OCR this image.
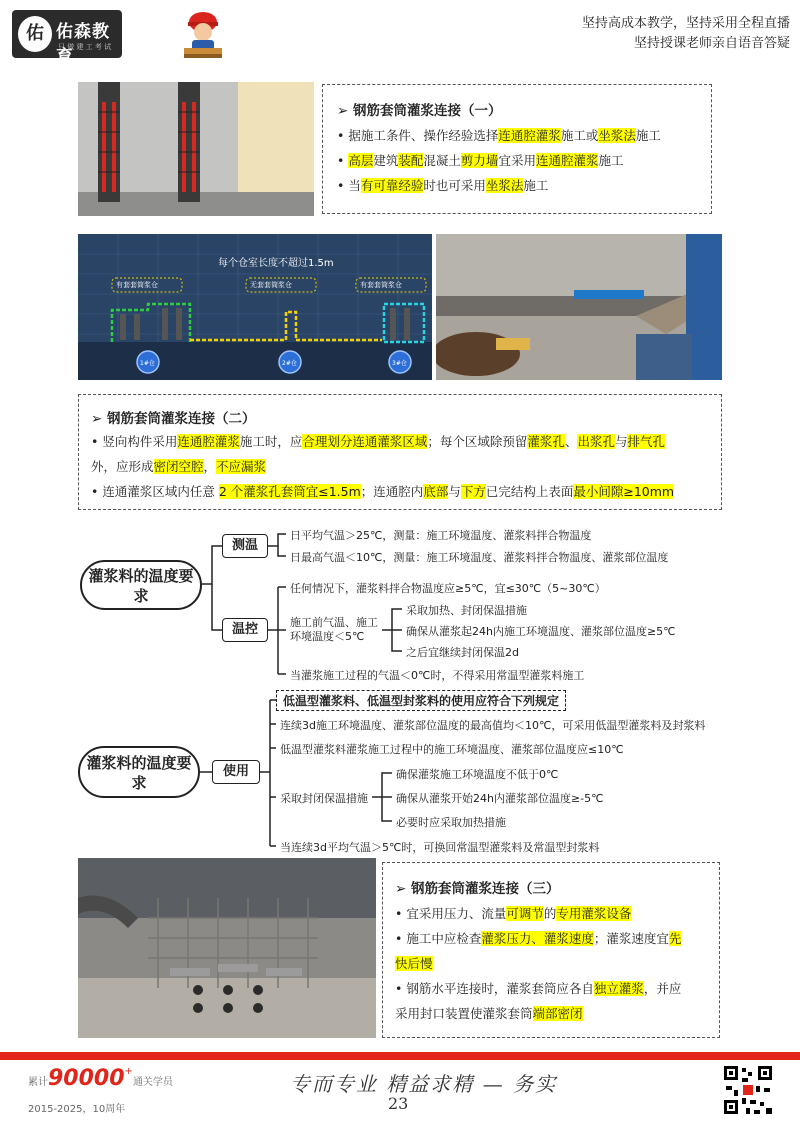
佑 佑森教育
只 做 建 工 考 试
坚持高成本教学，坚持采用全程直播
坚持授课老师亲自语音答疑
➢ 钢筋套筒灌浆连接（一）
• 据施工条件、操作经验选择连通腔灌浆施工或坐浆法施工
• 高层建筑装配混凝土剪力墙宜采用连通腔灌浆施工
• 当有可靠经验时也可采用坐浆法施工
每个仓室长度不超过1.5m
有套套筒浆仓	无套套筒浆仓	有套套筒浆仓
1#仓	2#仓	3#仓
➢ 钢筋套筒灌浆连接（二）
• 竖向构件采用连通腔灌浆施工时，应合理划分连通灌浆区域；每个区域除预留灌浆孔、出浆孔与排气孔
外，应形成密闭空腔，不应漏浆
• 连通灌浆区域内任意 2 个灌浆孔套筒宜≤1.5m；连通腔内底部与下方已完结构上表面最小间隙≥10mm
灌浆料的温度要求
测温
日平均气温＞25℃，测量：施工环境温度、灌浆料拌合物温度
日最高气温＜10℃，测量：施工环境温度、灌浆料拌合物温度、灌浆部位温度
温控
任何情况下，灌浆料拌合物温度应≥5℃，宜≤30℃（5~30℃）
施工前气温、施工
环境温度＜5℃
采取加热、封闭保温措施
确保从灌浆起24h内施工环境温度、灌浆部位温度≥5℃
之后宜继续封闭保温2d
当灌浆施工过程的气温＜0℃时，不得采用常温型灌浆料施工
灌浆料的温度要求
使用
低温型灌浆料、低温型封浆料的使用应符合下列规定
连续3d施工环境温度、灌浆部位温度的最高值均＜10℃，可采用低温型灌浆料及封浆料
低温型灌浆料灌浆施工过程中的施工环境温度、灌浆部位温度应≤10℃
采取封闭保温措施
确保灌浆施工环境温度不低于0℃
确保从灌浆开始24h内灌浆部位温度≥-5℃
必要时应采取加热措施
当连续3d平均气温＞5℃时，可换回常温型灌浆料及常温型封浆料
➢ 钢筋套筒灌浆连接（三）
• 宜采用压力、流量可调节的专用灌浆设备
• 施工中应检查灌浆压力、灌浆速度；灌浆速度宜先
快后慢
• 钢筋水平连接时，灌浆套筒应各自独立灌浆，并应
采用封口装置使灌浆套筒端部密闭
累计90000+通关学员
2015-2025，10周年
专而专业 精益求精 — 务实
23
